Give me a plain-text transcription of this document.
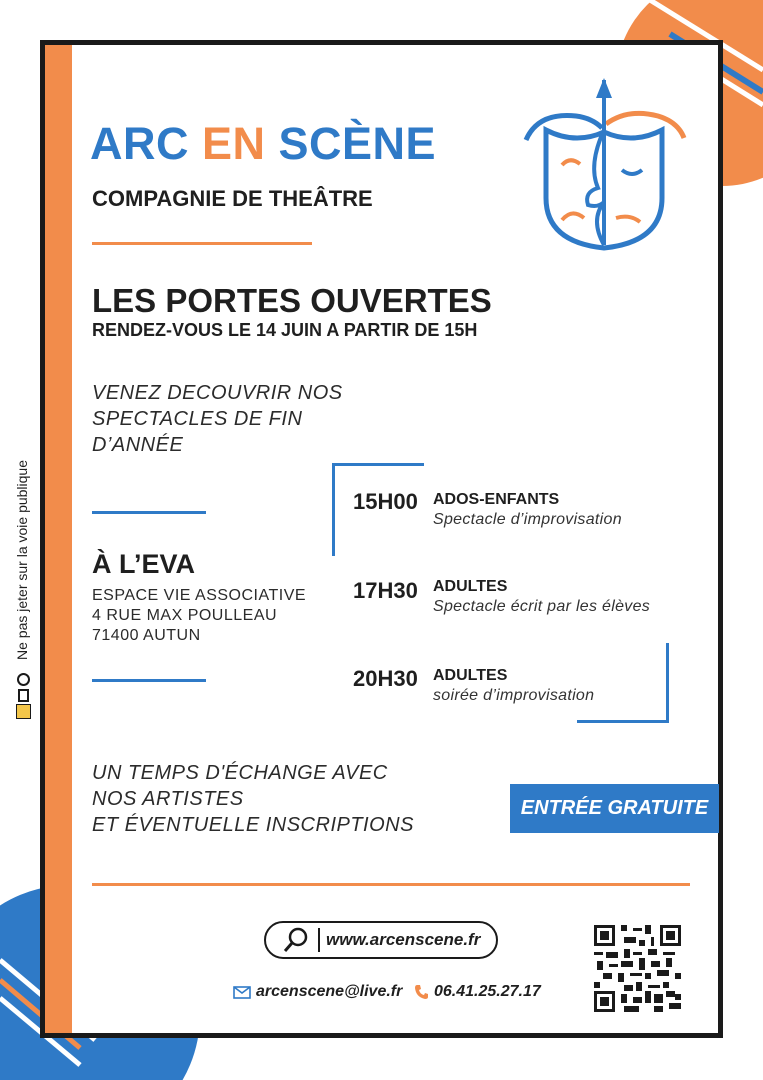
ARC EN SCÈNE
COMPAGNIE DE THEÂTRE
LES PORTES OUVERTES
RENDEZ-VOUS LE 14 JUIN A PARTIR DE 15H
VENEZ DECOUVRIR NOS
SPECTACLES DE FIN
D’ANNÉE
À L’EVA
ESPACE VIE ASSOCIATIVE
4 RUE MAX POULLEAU
71400 AUTUN
15H00 ADOS-ENFANTS
Spectacle d’improvisation
17H30 ADULTES
Spectacle écrit par les élèves
20H30 ADULTES
soirée d’improvisation
UN TEMPS D'ÉCHANGE AVEC
NOS ARTISTES
ET ÉVENTUELLE INSCRIPTIONS
ENTRÉE GRATUITE
www.arcenscene.fr
arcenscene@live.fr 06.41.25.27.17
Ne pas jeter sur la voie publique
